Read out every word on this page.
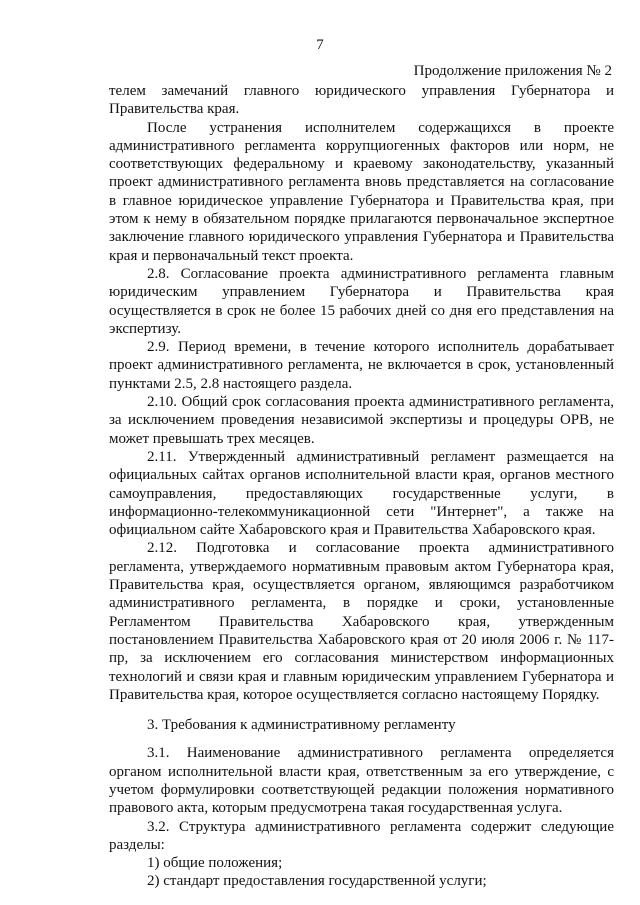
7
Продолжение приложения № 2

телем замечаний главного юридического управления Губернатора и Правительства края.

После устранения исполнителем содержащихся в проекте административного регламента коррупциогенных факторов или норм, не соответствующих федеральному и краевому законодательству, указанный проект административного регламента вновь представляется на согласование в главное юридическое управление Губернатора и Правительства края, при этом к нему в обязательном порядке прилагаются первоначальное экспертное заключение главного юридического управления Губернатора и Правительства края и первоначальный текст проекта.

2.8. Согласование проекта административного регламента главным юридическим управлением Губернатора и Правительства края осуществляется в срок не более 15 рабочих дней со дня его представления на экспертизу.

2.9. Период времени, в течение которого исполнитель дорабатывает проект административного регламента, не включается в срок, установленный пунктами 2.5, 2.8 настоящего раздела.

2.10. Общий срок согласования проекта административного регламента, за исключением проведения независимой экспертизы и процедуры ОРВ, не может превышать трех месяцев.

2.11. Утвержденный административный регламент размещается на официальных сайтах органов исполнительной власти края, органов местного самоуправления, предоставляющих государственные услуги, в информационно-телекоммуникационной сети "Интернет", а также на официальном сайте Хабаровского края и Правительства Хабаровского края.

2.12. Подготовка и согласование проекта административного регламента, утверждаемого нормативным правовым актом Губернатора края, Правительства края, осуществляется органом, являющимся разработчиком административного регламента, в порядке и сроки, установленные Регламентом Правительства Хабаровского края, утвержденным постановлением Правительства Хабаровского края от 20 июля 2006 г. № 117-пр, за исключением его согласования министерством информационных технологий и связи края и главным юридическим управлением Губернатора и Правительства края, которое осуществляется согласно настоящему Порядку.

3. Требования к административному регламенту

3.1. Наименование административного регламента определяется органом исполнительной власти края, ответственным за его утверждение, с учетом формулировки соответствующей редакции положения нормативного правового акта, которым предусмотрена такая государственная услуга.

3.2. Структура административного регламента содержит следующие разделы:

1) общие положения;

2) стандарт предоставления государственной услуги;
